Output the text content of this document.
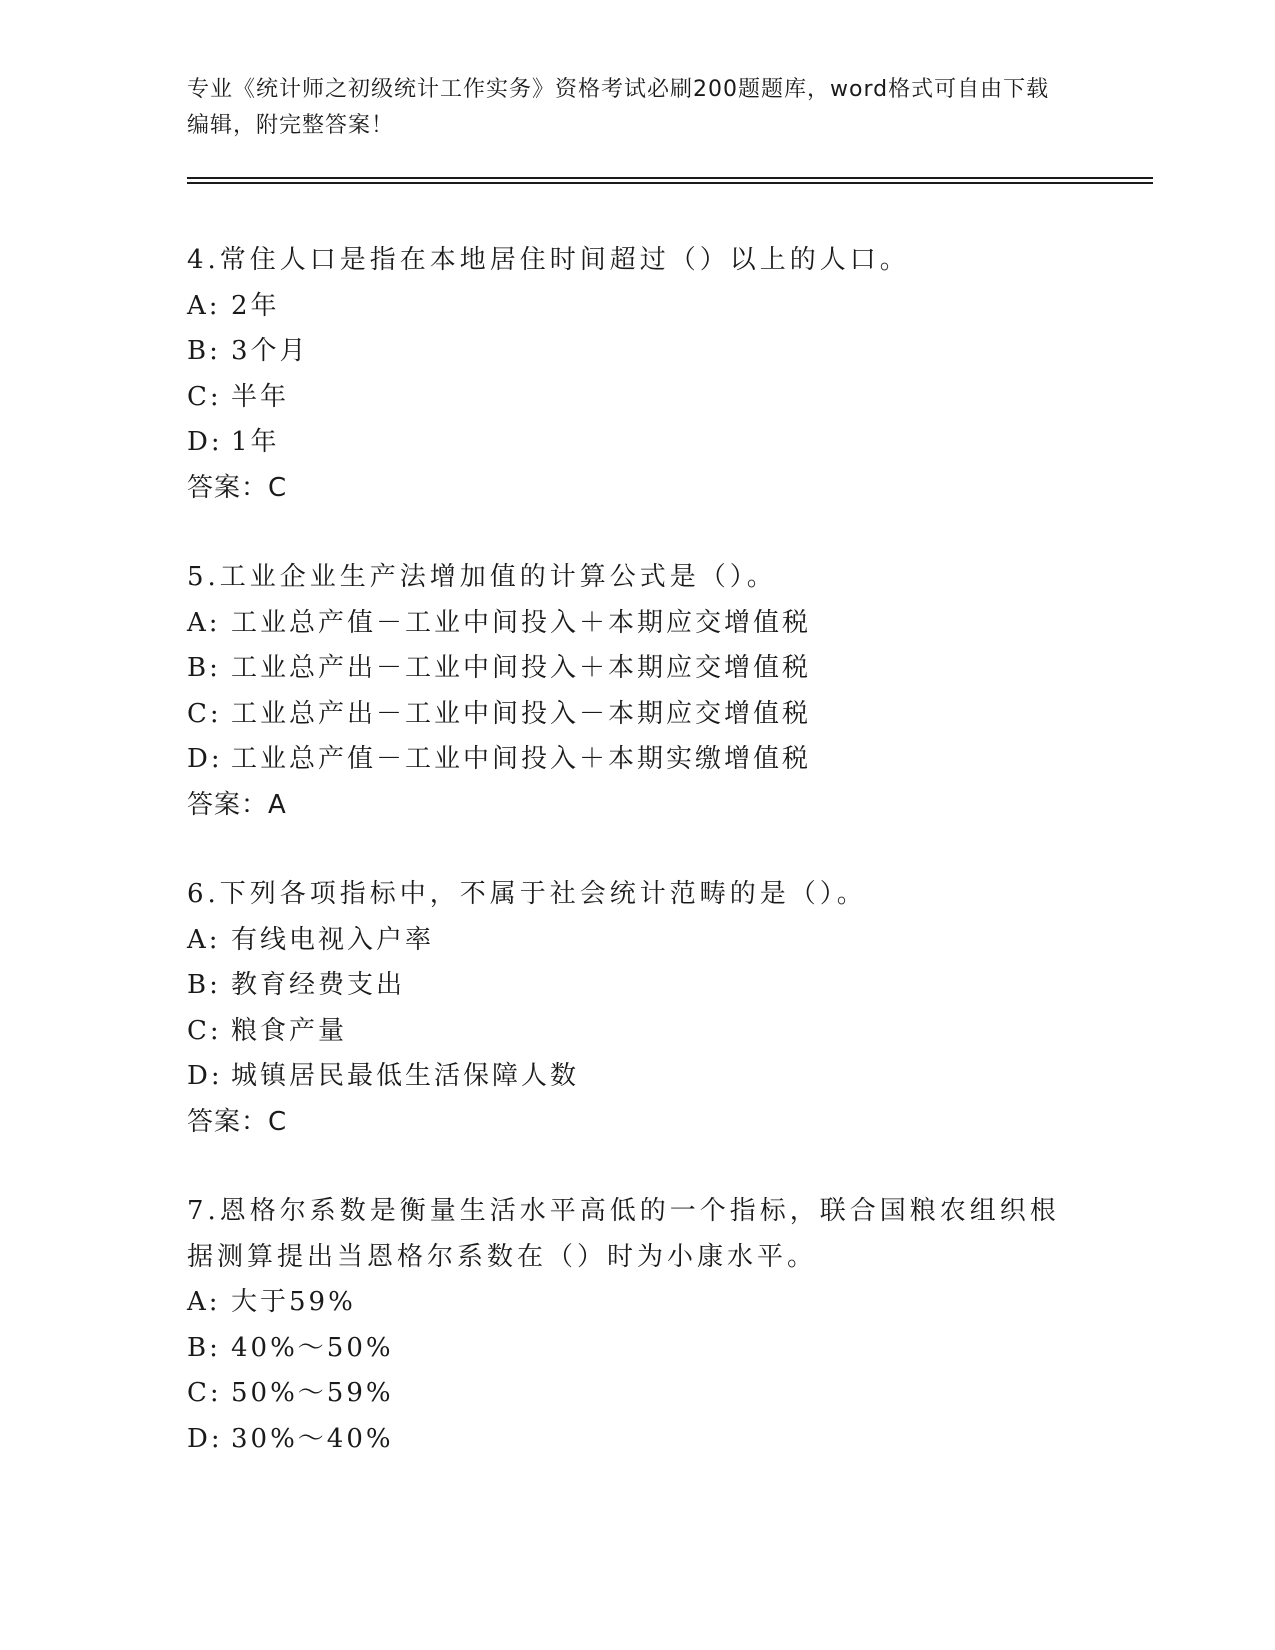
专业《统计师之初级统计工作实务》资格考试必刷200题题库，word格式可自由下载编辑，附完整答案！
4.常住人口是指在本地居住时间超过（）以上的人口。
A: 2年
B: 3个月
C: 半年
D: 1年
答案：C
5.工业企业生产法增加值的计算公式是（）。
A: 工业总产值－工业中间投入＋本期应交增值税
B: 工业总产出－工业中间投入＋本期应交增值税
C: 工业总产出－工业中间投入－本期应交增值税
D: 工业总产值－工业中间投入＋本期实缴增值税
答案：A
6.下列各项指标中，不属于社会统计范畴的是（）。
A: 有线电视入户率
B: 教育经费支出
C: 粮食产量
D: 城镇居民最低生活保障人数
答案：C
7.恩格尔系数是衡量生活水平高低的一个指标，联合国粮农组织根据测算提出当恩格尔系数在（）时为小康水平。
A: 大于59%
B: 40%～50%
C: 50%～59%
D: 30%～40%
